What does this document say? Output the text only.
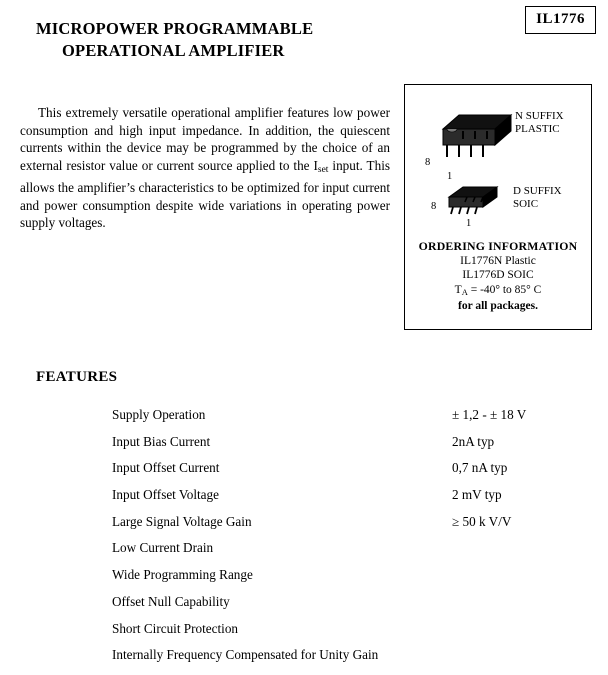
IL1776
MICROPOWER PROGRAMMABLE
OPERATIONAL AMPLIFIER
This extremely versatile operational amplifier features low power consumption and high input impedance. In addition, the quiescent currents within the device may be programmed by the choice of an external resistor value or current source applied to the $I_{set}$ input. This allows the amplifier’s characteristics to be optimized for input current and power consumption despite wide variations in operating power supply voltages.
8
1
N SUFFIX
PLASTIC
8
1
D SUFFIX
SOIC
ORDERING INFORMATION
IL1776N Plastic
IL1776D SOIC
$T_A = -40^\circ$ to 85° C
for all packages.
FEATURES
Supply Operation	± 1,2 - ± 18 V
Input Bias Current	2nA typ
Input Offset Current	0,7 nA typ
Input Offset Voltage	2 mV typ
Large Signal Voltage Gain	≥ 50 k V/V
Low Current Drain
Wide Programming Range
Offset Null Capability
Short Circuit Protection
Internally Frequency Compensated for Unity Gain
